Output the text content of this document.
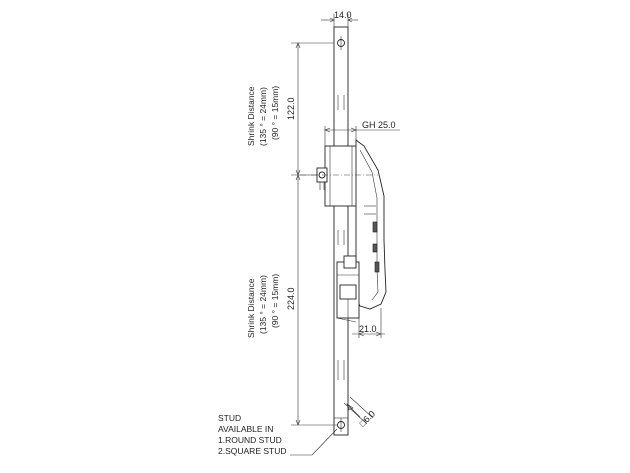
14.0
122.0
Shrink Distance (135 ° = 24mm) (90 ° = 15mm)
224.0
Shrink Distance (135 ° = 24mm) (90 ° = 15mm)
GH 25.0
21.0
□6.0
STUD
AVAILABLE IN
1.ROUND STUD
2.SQUARE STUD
